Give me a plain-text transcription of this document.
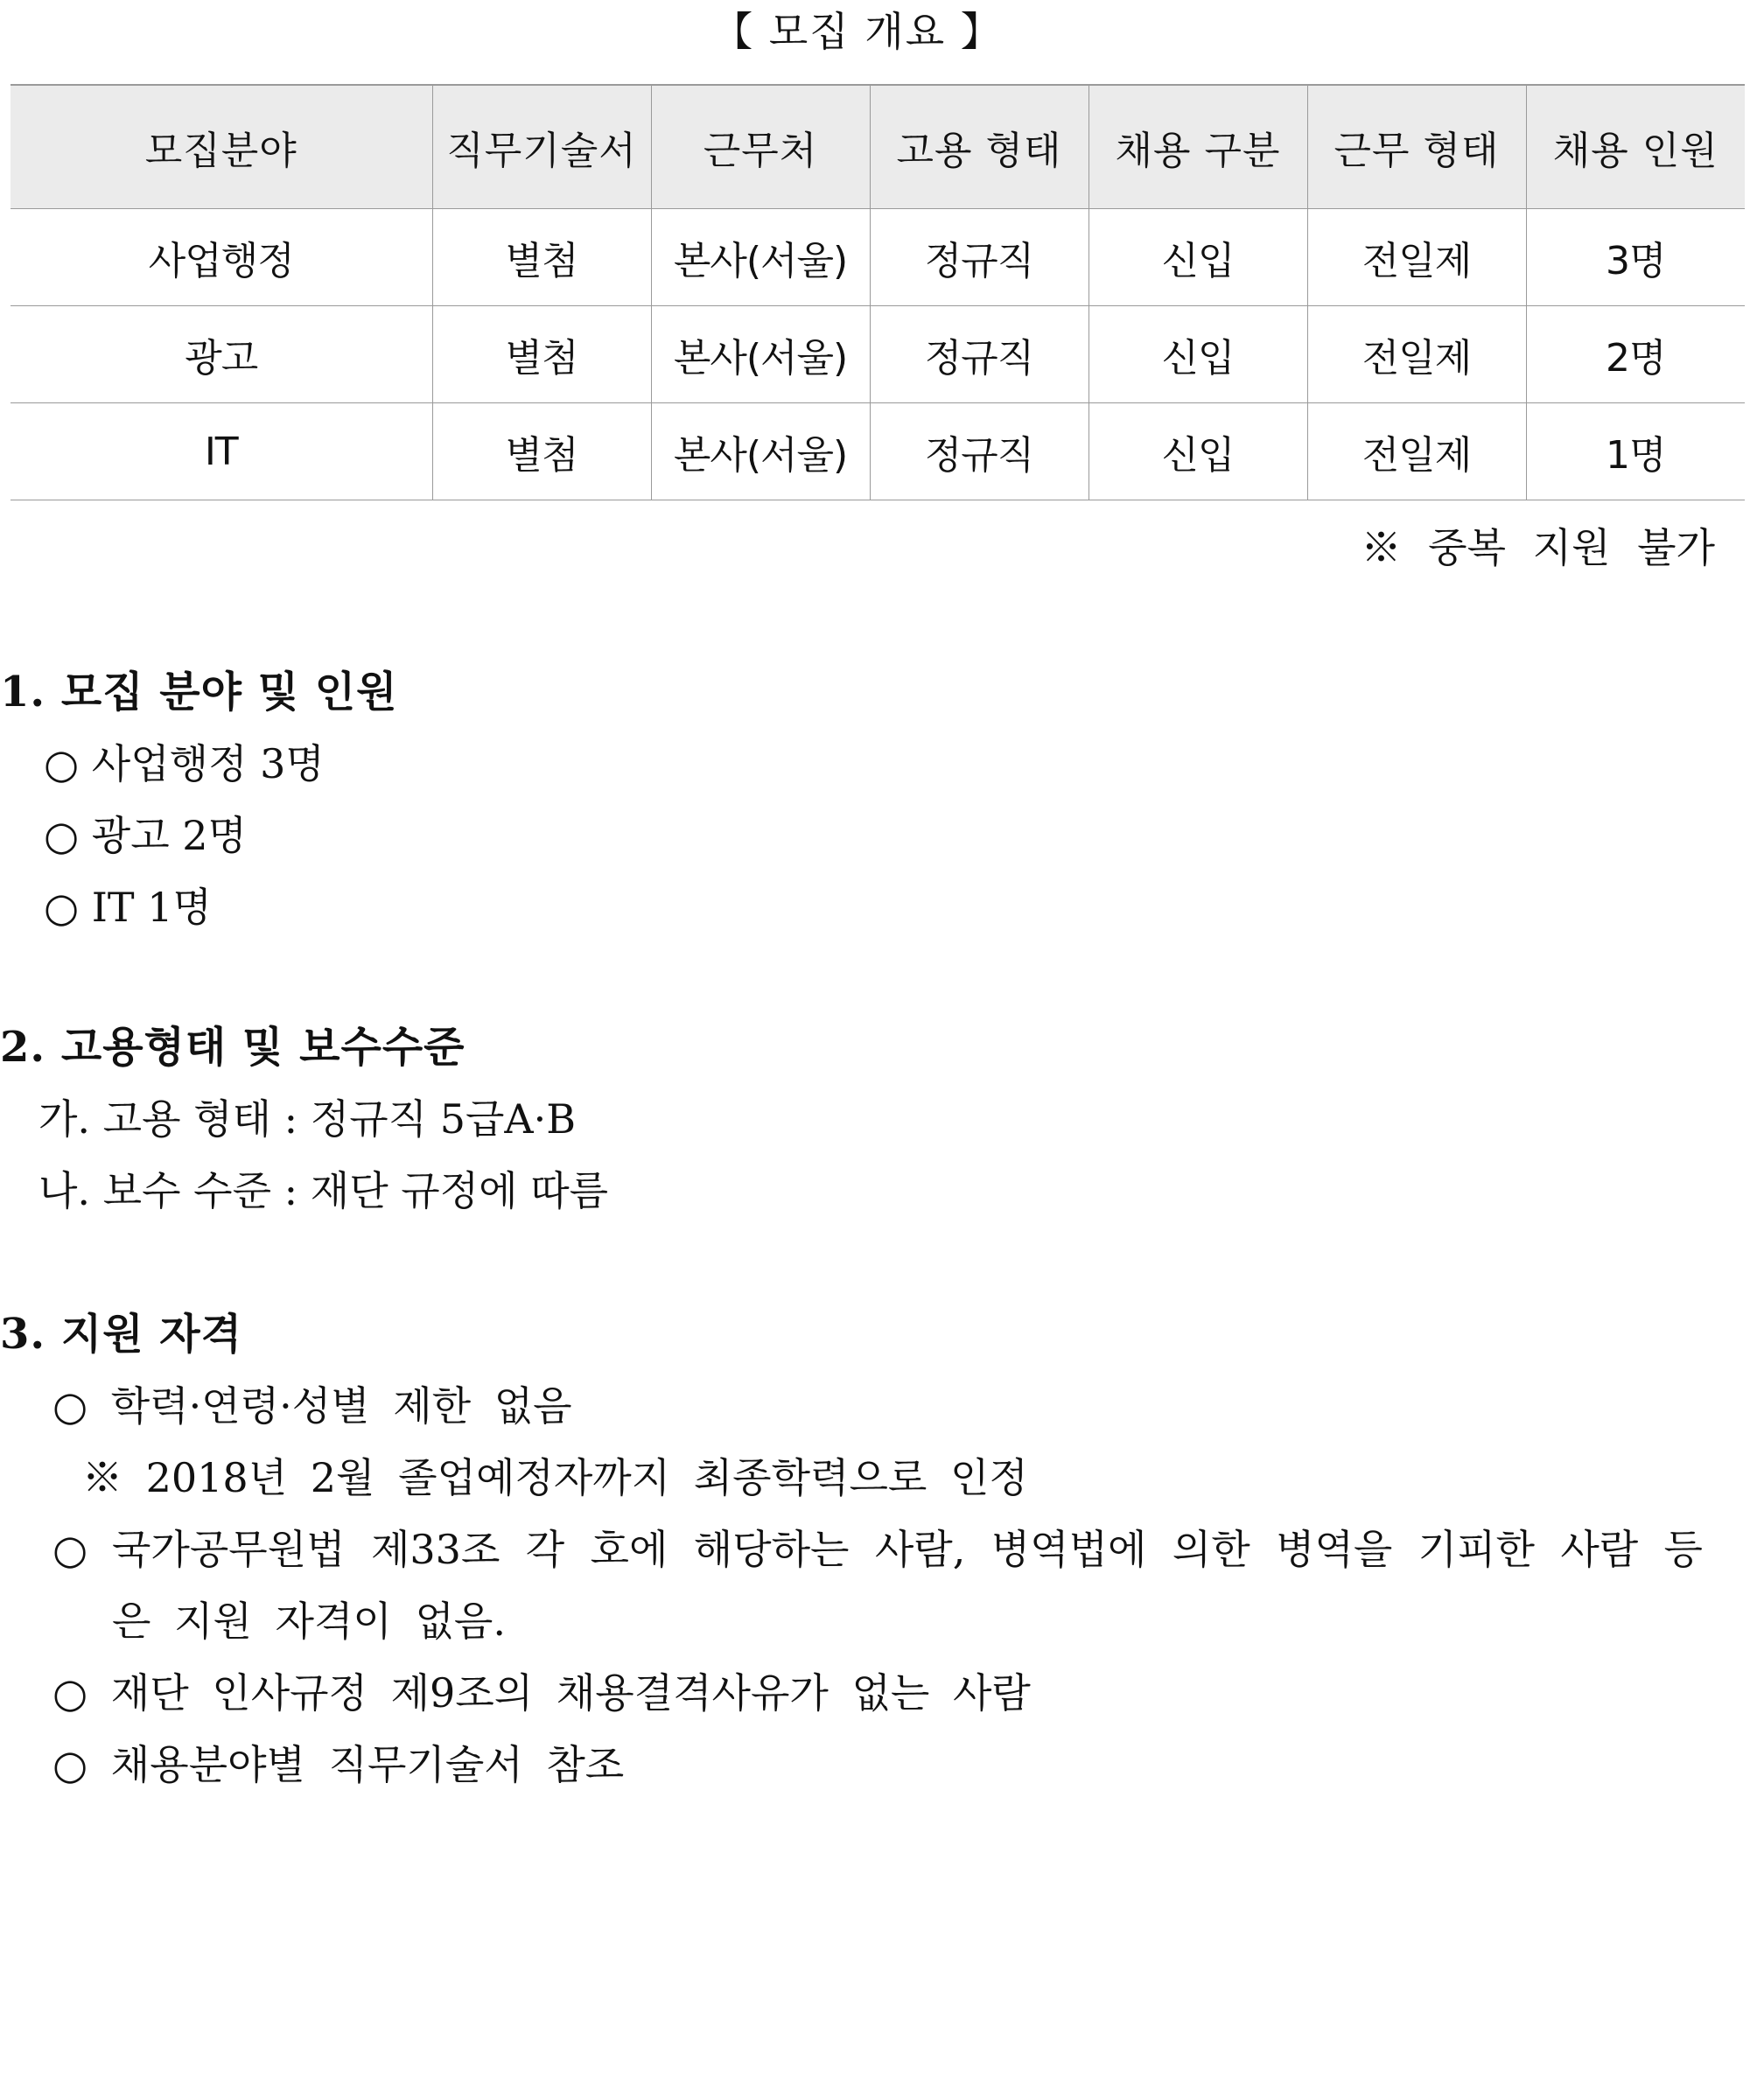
【 모집 개요 】
모집분야	직무기술서	근무처	고용 형태	채용 구분	근무 형태	채용 인원
사업행정	별첨	본사(서울)	정규직	신입	전일제	3명
광고	별첨	본사(서울)	정규직	신입	전일제	2명
IT	별첨	본사(서울)	정규직	신입	전일제	1명
※ 중복 지원 불가

1. 모집 분야 및 인원

○ 사업행정 3명

○ 광고 2명

○ IT 1명

2. 고용형태 및 보수수준

가. 고용 형태 : 정규직 5급A·B

나. 보수 수준 : 재단 규정에 따름

3. 지원 자격

○ 학력·연령·성별 제한 없음

※ 2018년 2월 졸업예정자까지 최종학력으로 인정

○ 국가공무원법 제33조 각 호에 해당하는 사람, 병역법에 의한 병역을 기피한 사람 등은 지원 자격이 없음.

○ 재단 인사규정 제9조의 채용결격사유가 없는 사람

○ 채용분야별 직무기술서 참조
